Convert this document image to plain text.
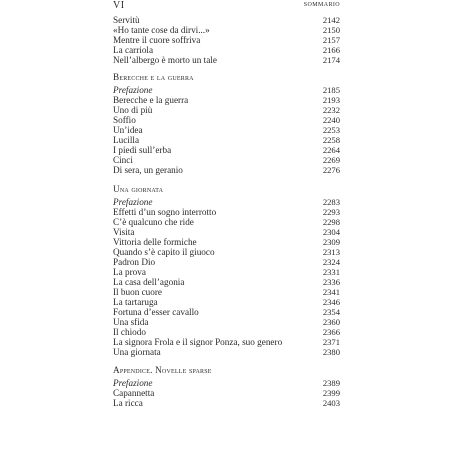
VI	SOMMARIO
Servitù	2142
«Ho tante cose da dirvi...»	2150
Mentre il cuore soffriva	2157
La carriola	2166
Nell’albergo è morto un tale	2174
Berecche e la guerra
Prefazione	2185
Berecche e la guerra	2193
Uno di più	2232
Soffio	2240
Un’idea	2253
Lucilla	2258
I piedi sull’erba	2264
Cinci	2269
Di sera, un geranio	2276
Una giornata
Prefazione	2283
Effetti d’un sogno interrotto	2293
C’è qualcuno che ride	2298
Visita	2304
Vittoria delle formiche	2309
Quando s’è capito il giuoco	2313
Padron Dio	2324
La prova	2331
La casa dell’agonia	2336
Il buon cuore	2341
La tartaruga	2346
Fortuna d’esser cavallo	2354
Una sfida	2360
Il chiodo	2366
La signora Frola e il signor Ponza, suo genero	2371
Una giornata	2380
Appendice. Novelle sparse
Prefazione	2389
Capannetta	2399
La ricca	2403
